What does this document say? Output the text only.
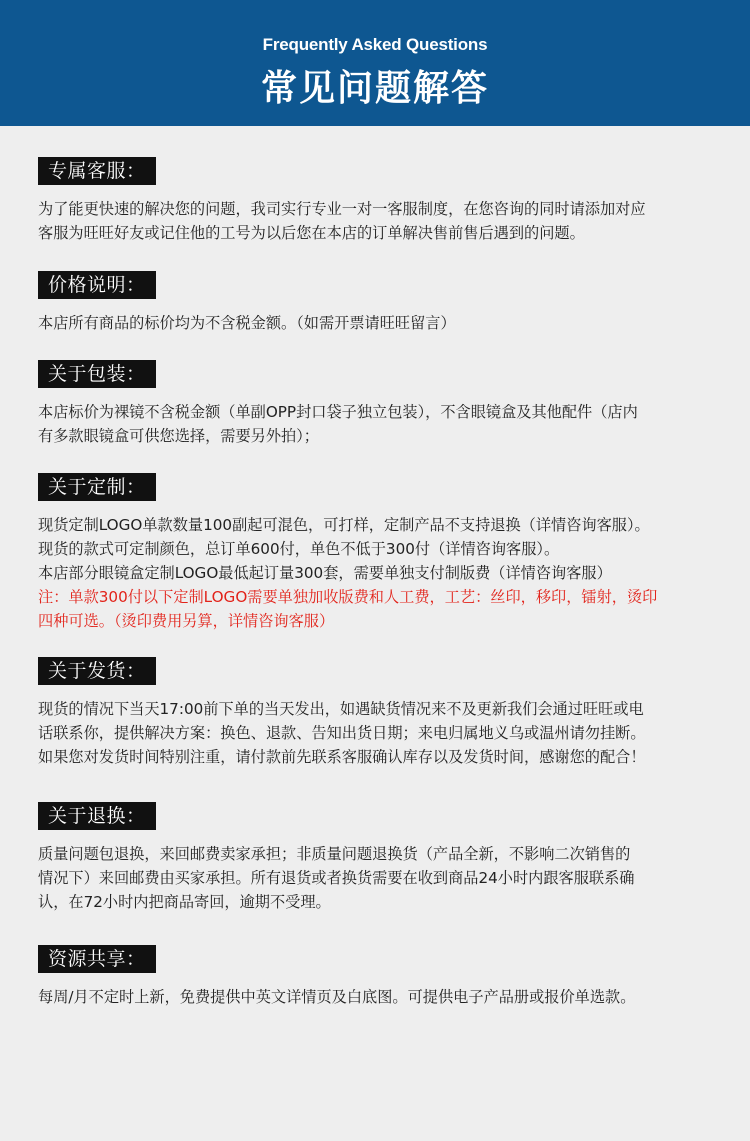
Frequently Asked Questions
常见问题解答
专属客服：
为了能更快速的解决您的问题，我司实行专业一对一客服制度，在您咨询的同时请添加对应
客服为旺旺好友或记住他的工号为以后您在本店的订单解决售前售后遇到的问题。
价格说明：
本店所有商品的标价均为不含税金额。（如需开票请旺旺留言）
关于包装：
本店标价为裸镜不含税金额（单副OPP封口袋子独立包装），不含眼镜盒及其他配件（店内
有多款眼镜盒可供您选择，需要另外拍）；
关于定制：
现货定制LOGO单款数量100副起可混色，可打样，定制产品不支持退换（详情咨询客服）。
现货的款式可定制颜色，总订单600付，单色不低于300付（详情咨询客服）。
本店部分眼镜盒定制LOGO最低起订量300套，需要单独支付制版费（详情咨询客服）
注：单款300付以下定制LOGO需要单独加收版费和人工费，工艺：丝印，移印，镭射，烫印
四种可选。（烫印费用另算，详情咨询客服）
关于发货：
现货的情况下当天17:00前下单的当天发出，如遇缺货情况来不及更新我们会通过旺旺或电
话联系你，提供解决方案：换色、退款、告知出货日期；来电归属地义乌或温州请勿挂断。
如果您对发货时间特别注重，请付款前先联系客服确认库存以及发货时间，感谢您的配合！
关于退换：
质量问题包退换，来回邮费卖家承担；非质量问题退换货（产品全新，不影响二次销售的
情况下）来回邮费由买家承担。所有退货或者换货需要在收到商品24小时内跟客服联系确
认，在72小时内把商品寄回，逾期不受理。
资源共享：
每周/月不定时上新，免费提供中英文详情页及白底图。可提供电子产品册或报价单选款。
